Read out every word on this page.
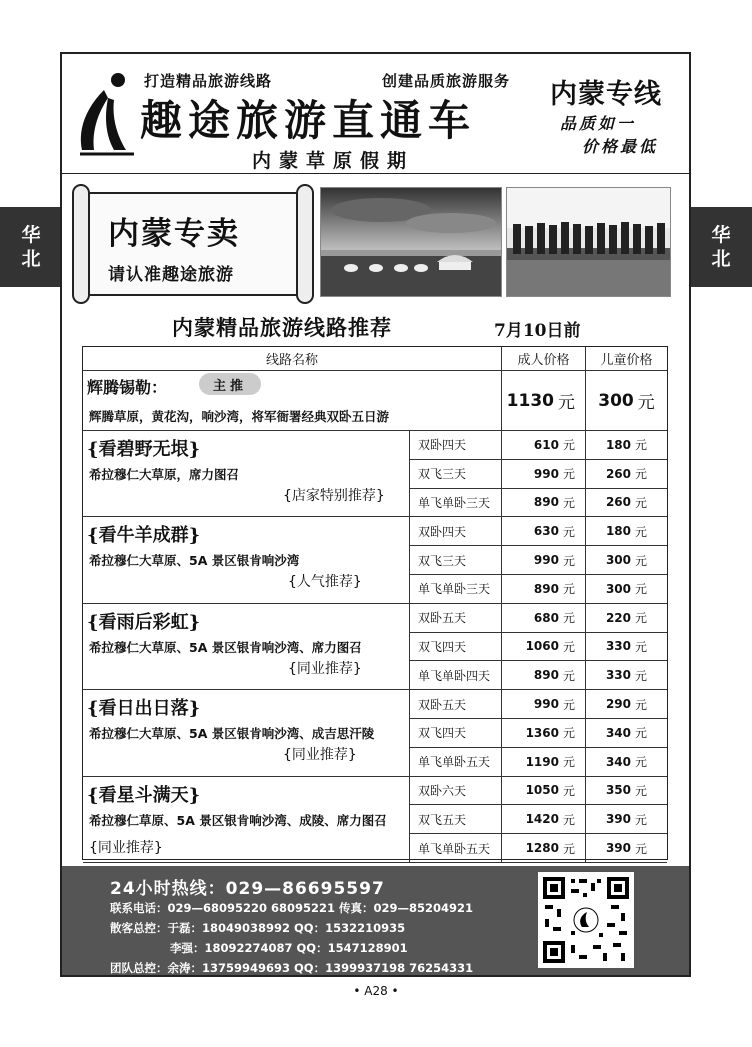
华北
华北
打造精品旅游线路	创建品质旅游服务
趣途旅游直通车
内蒙草原假期
内蒙专线
品质如一
价格最低
内蒙专卖
请认准趣途旅游
内蒙精品旅游线路推荐	7月10日前
线路名称	成人价格	儿童价格
辉腾锡勒：	主推
辉腾草原，黄花沟，响沙湾，将军衙署经典双卧五日游
1130 元 300 元
{看碧野无垠}
希拉穆仁大草原，席力图召
{店家特别推荐}
双卧四天	610 元	180 元
双飞三天	990 元	260 元
单飞单卧三天	890 元	260 元
{看牛羊成群}
希拉穆仁大草原、5A 景区银肯响沙湾
{人气推荐}
双卧四天	630 元	180 元
双飞三天	990 元	300 元
单飞单卧三天	890 元	300 元
{看雨后彩虹}
希拉穆仁大草原、5A 景区银肯响沙湾、席力图召
{同业推荐}
双卧五天	680 元	220 元
双飞四天	1060 元	330 元
单飞单卧四天	890 元	330 元
{看日出日落}
希拉穆仁大草原、5A 景区银肯响沙湾、成吉思汗陵
{同业推荐}
双卧五天	990 元	290 元
双飞四天	1360 元	340 元
单飞单卧五天	1190 元	340 元
{看星斗满天}
希拉穆仁草原、5A 景区银肯响沙湾、成陵、席力图召
{同业推荐}
双卧六天	1050 元	350 元
双飞五天	1420 元	390 元
单飞单卧五天	1280 元	390 元
24小时热线：029—86695597
联系电话：029—68095220 68095221 传真：029—85204921
散客总控：于磊：18049038992 QQ：1532210935
李强：18092274087 QQ：1547128901
团队总控：余涛：13759949693 QQ：1399937198 76254331
• A28 •
